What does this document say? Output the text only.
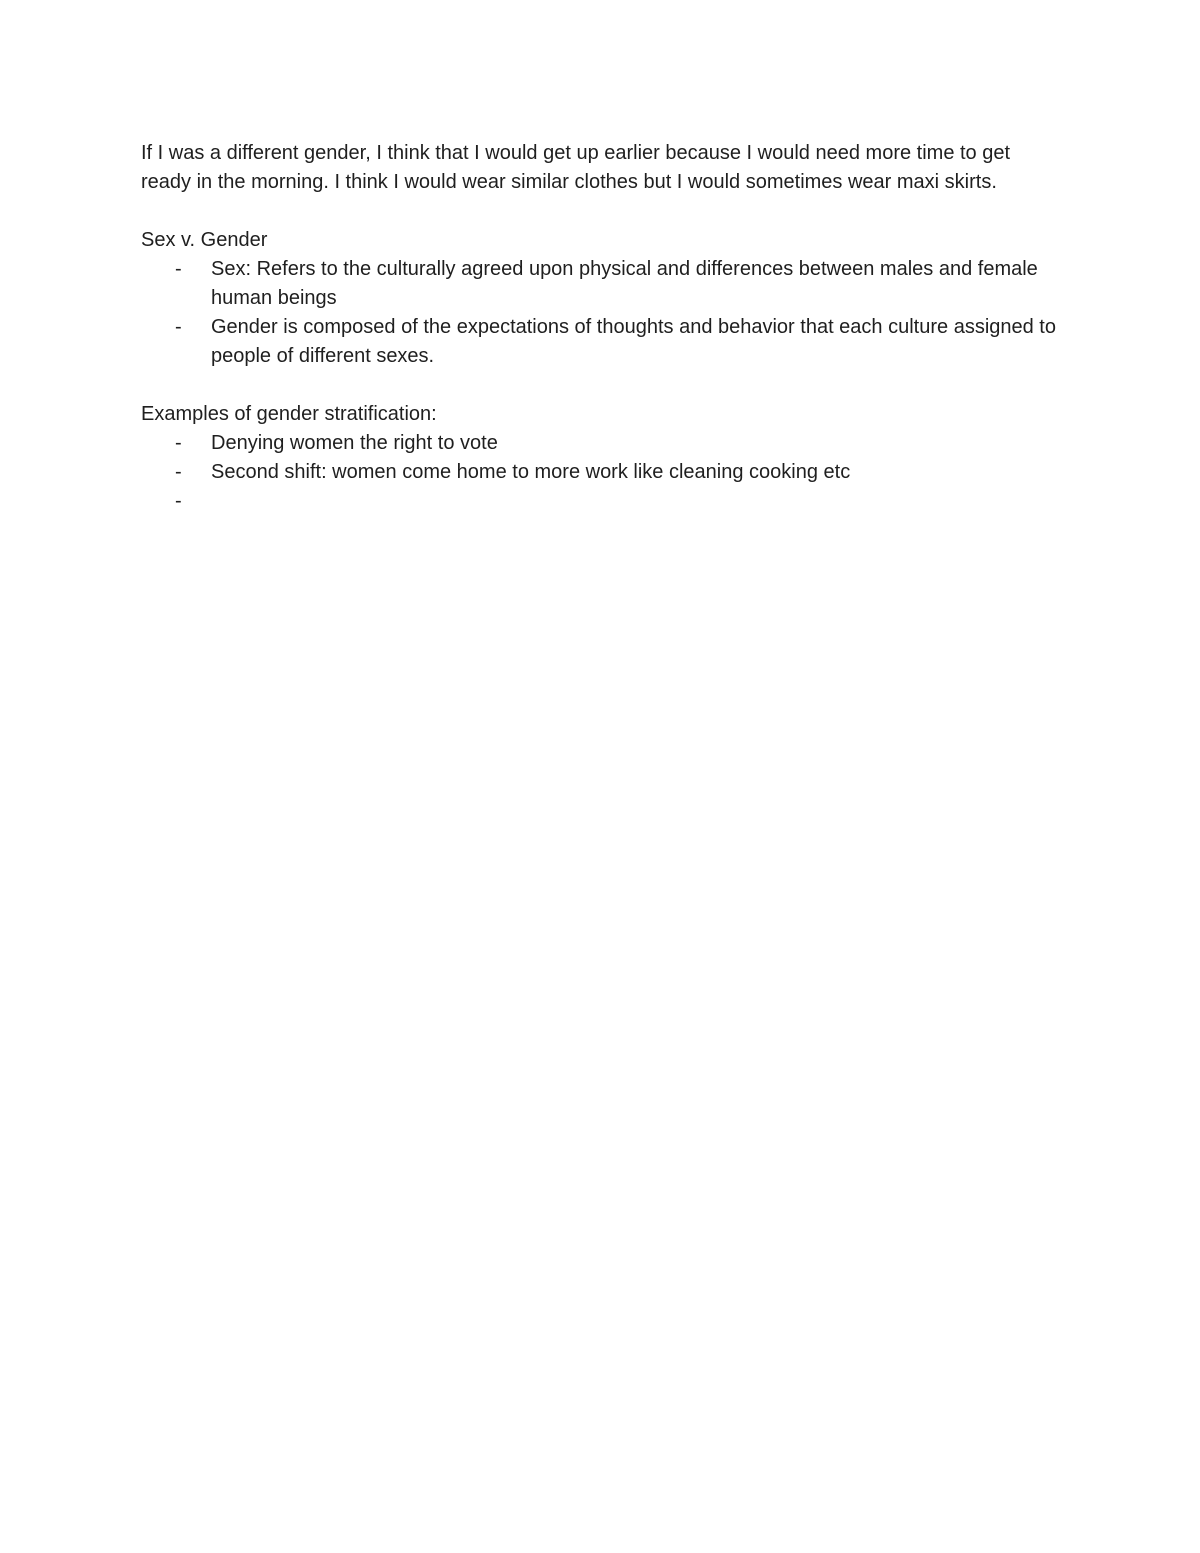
If I was a different gender, I think that I would get up earlier because I would need more time to get ready in the morning. I think I would wear similar clothes but I would sometimes wear maxi skirts.

Sex v. Gender

-	Sex: Refers to the culturally agreed upon physical and differences between males and female human beings
-	Gender is composed of the expectations of thoughts and behavior that each culture assigned to people of different sexes.

Examples of gender stratification:

-	Denying women the right to vote
-	Second shift: women come home to more work like cleaning cooking etc
-
